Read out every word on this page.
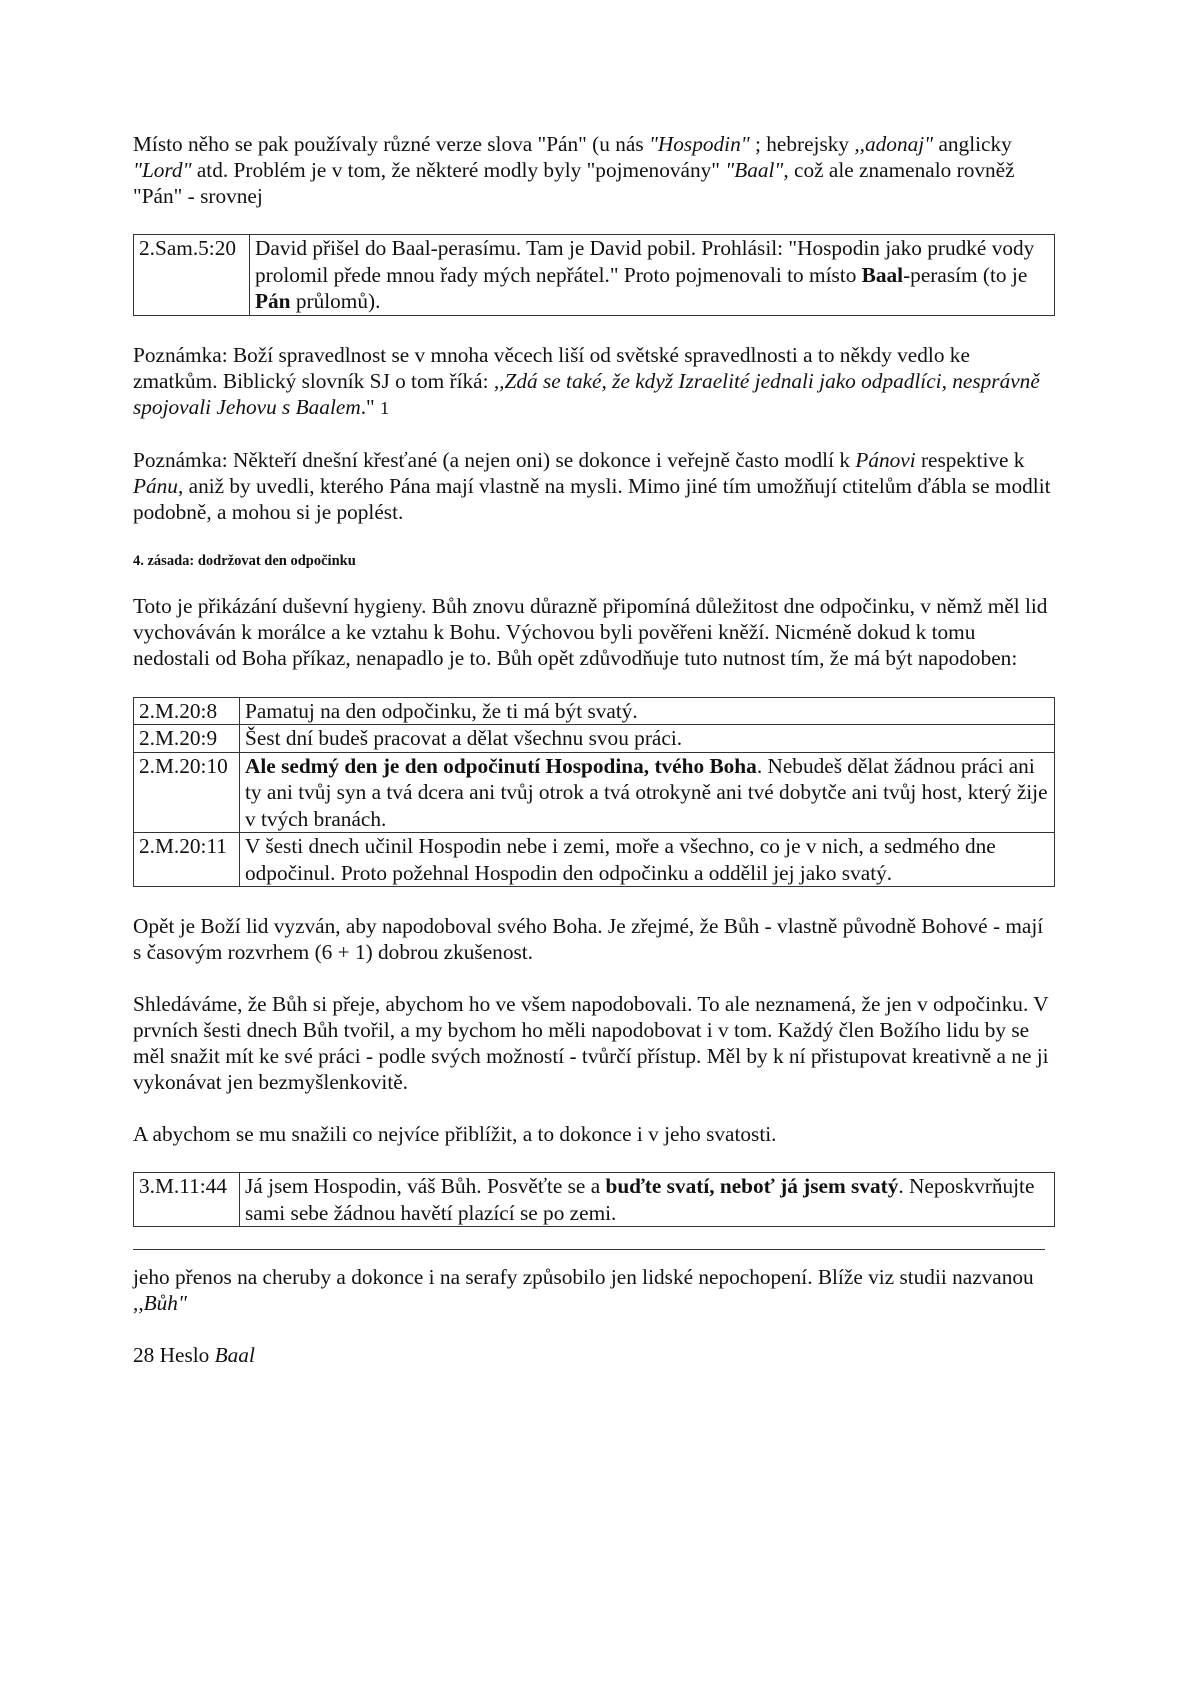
Místo něho se pak používaly různé verze slova "Pán" (u nás "Hospodin" ; hebrejsky ,,adonaj" anglicky "Lord" atd. Problém je v tom, že některé modly byly "pojmenovány" "Baal", což ale znamenalo rovněž "Pán" - srovnej

2.Sam.5:20	David přišel do Baal-perasímu. Tam je David pobil. Prohlásil: "Hospodin jako prudké vody prolomil přede mnou řady mých nepřátel." Proto pojmenovali to místo Baal-perasím (to je Pán průlomů).

Poznámka: Boží spravedlnost se v mnoha věcech liší od světské spravedlnosti a to někdy vedlo ke zmatkům. Biblický slovník SJ o tom říká: ,,Zdá se také, že když Izraelité jednali jako odpadlíci, nesprávně spojovali Jehovu s Baalem." 1

Poznámka: Někteří dnešní křesťané (a nejen oni) se dokonce i veřejně často modlí k Pánovi respektive k Pánu, aniž by uvedli, kterého Pána mají vlastně na mysli. Mimo jiné tím umožňují ctitelům ďábla se modlit podobně, a mohou si je poplést.

4. zásada: dodržovat den odpočinku

Toto je přikázání duševní hygieny. Bůh znovu důrazně připomíná důležitost dne odpočinku, v němž měl lid vychováván k morálce a ke vztahu k Bohu. Výchovou byli pověřeni kněží. Nicméně dokud k tomu nedostali od Boha příkaz, nenapadlo je to. Bůh opět zdůvodňuje tuto nutnost tím, že má být napodoben:

2.M.20:8	Pamatuj na den odpočinku, že ti má být svatý.
2.M.20:9	Šest dní budeš pracovat a dělat všechnu svou práci.
2.M.20:10	Ale sedmý den je den odpočinutí Hospodina, tvého Boha. Nebudeš dělat žádnou práci ani ty ani tvůj syn a tvá dcera ani tvůj otrok a tvá otrokyně ani tvé dobytče ani tvůj host, který žije v tvých branách.
2.M.20:11	V šesti dnech učinil Hospodin nebe i zemi, moře a všechno, co je v nich, a sedmého dne odpočinul. Proto požehnal Hospodin den odpočinku a oddělil jej jako svatý.

Opět je Boží lid vyzván, aby napodoboval svého Boha. Je zřejmé, že Bůh - vlastně původně Bohové - mají s časovým rozvrhem (6 + 1) dobrou zkušenost.

Shledáváme, že Bůh si přeje, abychom ho ve všem napodobovali. To ale neznamená, že jen v odpočinku. V prvních šesti dnech Bůh tvořil, a my bychom ho měli napodobovat i v tom. Každý člen Božího lidu by se měl snažit mít ke své práci - podle svých možností - tvůrčí přístup. Měl by k ní přistupovat kreativně a ne ji vykonávat jen bezmyšlenkovitě.

A abychom se mu snažili co nejvíce přiblížit, a to dokonce i v jeho svatosti.

3.M.11:44	Já jsem Hospodin, váš Bůh. Posvěťte se a buďte svatí, neboť já jsem svatý. Neposkvrňujte sami sebe žádnou havětí plazící se po zemi.

jeho přenos na cheruby a dokonce i na serafy způsobilo jen lidské nepochopení. Blíže viz studii nazvanou ,,Bůh"

28 Heslo Baal
